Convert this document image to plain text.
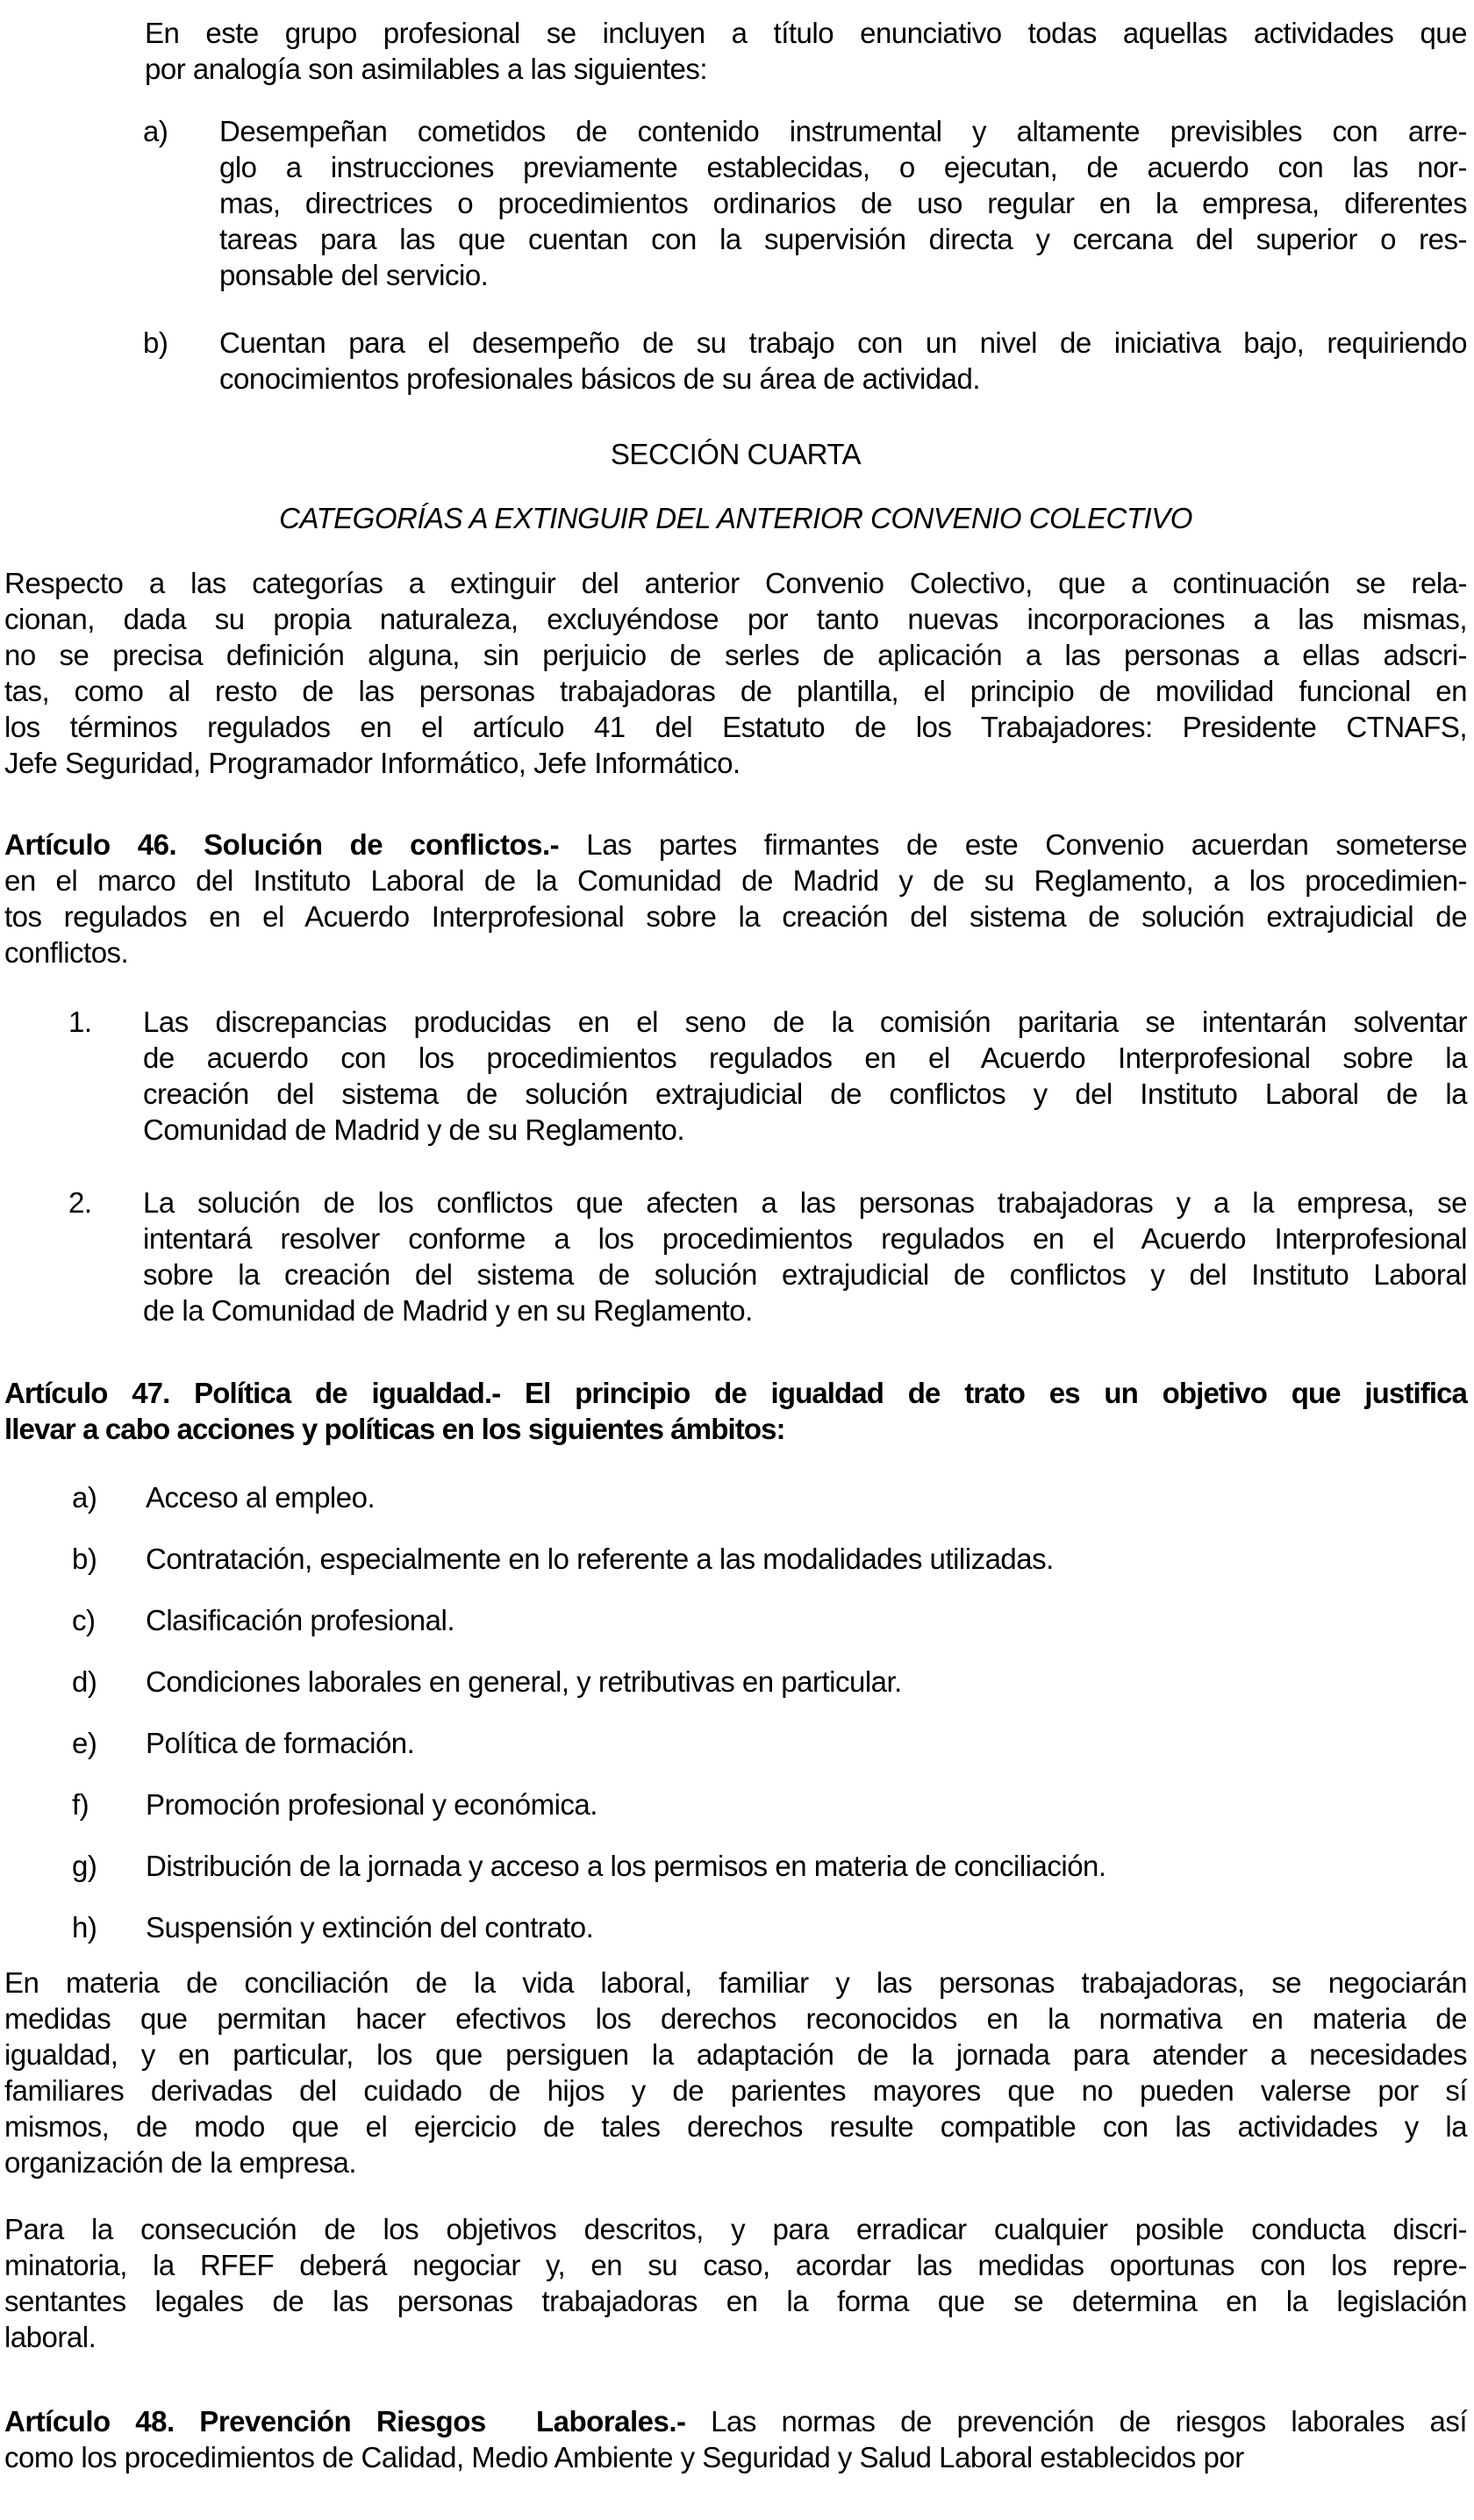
En este grupo profesional se incluyen a título enunciativo todas aquellas actividades que
por analogía son asimilables a las siguientes:
a) Desempeñan cometidos de contenido instrumental y altamente previsibles con arre-
glo a instrucciones previamente establecidas, o ejecutan, de acuerdo con las nor-
mas, directrices o procedimientos ordinarios de uso regular en la empresa, diferentes
tareas para las que cuentan con la supervisión directa y cercana del superior o res-
ponsable del servicio.
b) Cuentan para el desempeño de su trabajo con un nivel de iniciativa bajo, requiriendo
conocimientos profesionales básicos de su área de actividad.
SECCIÓN CUARTA
CATEGORÍAS A EXTINGUIR DEL ANTERIOR CONVENIO COLECTIVO
Respecto a las categorías a extinguir del anterior Convenio Colectivo, que a continuación se rela-
cionan, dada su propia naturaleza, excluyéndose por tanto nuevas incorporaciones a las mismas,
no se precisa definición alguna, sin perjuicio de serles de aplicación a las personas a ellas adscri-
tas, como al resto de las personas trabajadoras de plantilla, el principio de movilidad funcional en
los términos regulados en el artículo 41 del Estatuto de los Trabajadores: Presidente CTNAFS,
Jefe Seguridad, Programador Informático, Jefe Informático.
Artículo 46. Solución de conflictos.- Las partes firmantes de este Convenio acuerdan someterse
en el marco del Instituto Laboral de la Comunidad de Madrid y de su Reglamento, a los procedimien-
tos regulados en el Acuerdo Interprofesional sobre la creación del sistema de solución extrajudicial de
conflictos.
1. Las discrepancias producidas en el seno de la comisión paritaria se intentarán solventar
de acuerdo con los procedimientos regulados en el Acuerdo Interprofesional sobre la
creación del sistema de solución extrajudicial de conflictos y del Instituto Laboral de la
Comunidad de Madrid y de su Reglamento.
2. La solución de los conflictos que afecten a las personas trabajadoras y a la empresa, se
intentará resolver conforme a los procedimientos regulados en el Acuerdo Interprofesional
sobre la creación del sistema de solución extrajudicial de conflictos y del Instituto Laboral
de la Comunidad de Madrid y en su Reglamento.
Artículo 47. Política de igualdad.- El principio de igualdad de trato es un objetivo que justifica
llevar a cabo acciones y políticas en los siguientes ámbitos:
a) Acceso al empleo.
b) Contratación, especialmente en lo referente a las modalidades utilizadas.
c) Clasificación profesional.
d) Condiciones laborales en general, y retributivas en particular.
e) Política de formación.
f) Promoción profesional y económica.
g) Distribución de la jornada y acceso a los permisos en materia de conciliación.
h) Suspensión y extinción del contrato.
En materia de conciliación de la vida laboral, familiar y las personas trabajadoras, se negociarán
medidas que permitan hacer efectivos los derechos reconocidos en la normativa en materia de
igualdad, y en particular, los que persiguen la adaptación de la jornada para atender a necesidades
familiares derivadas del cuidado de hijos y de parientes mayores que no pueden valerse por sí
mismos, de modo que el ejercicio de tales derechos resulte compatible con las actividades y la
organización de la empresa.
Para la consecución de los objetivos descritos, y para erradicar cualquier posible conducta discri-
minatoria, la RFEF deberá negociar y, en su caso, acordar las medidas oportunas con los repre-
sentantes legales de las personas trabajadoras en la forma que se determina en la legislación
laboral.
Artículo 48. Prevención Riesgos  Laborales.- Las normas de prevención de riesgos laborales así
como los procedimientos de Calidad, Medio Ambiente y Seguridad y Salud Laboral establecidos por
